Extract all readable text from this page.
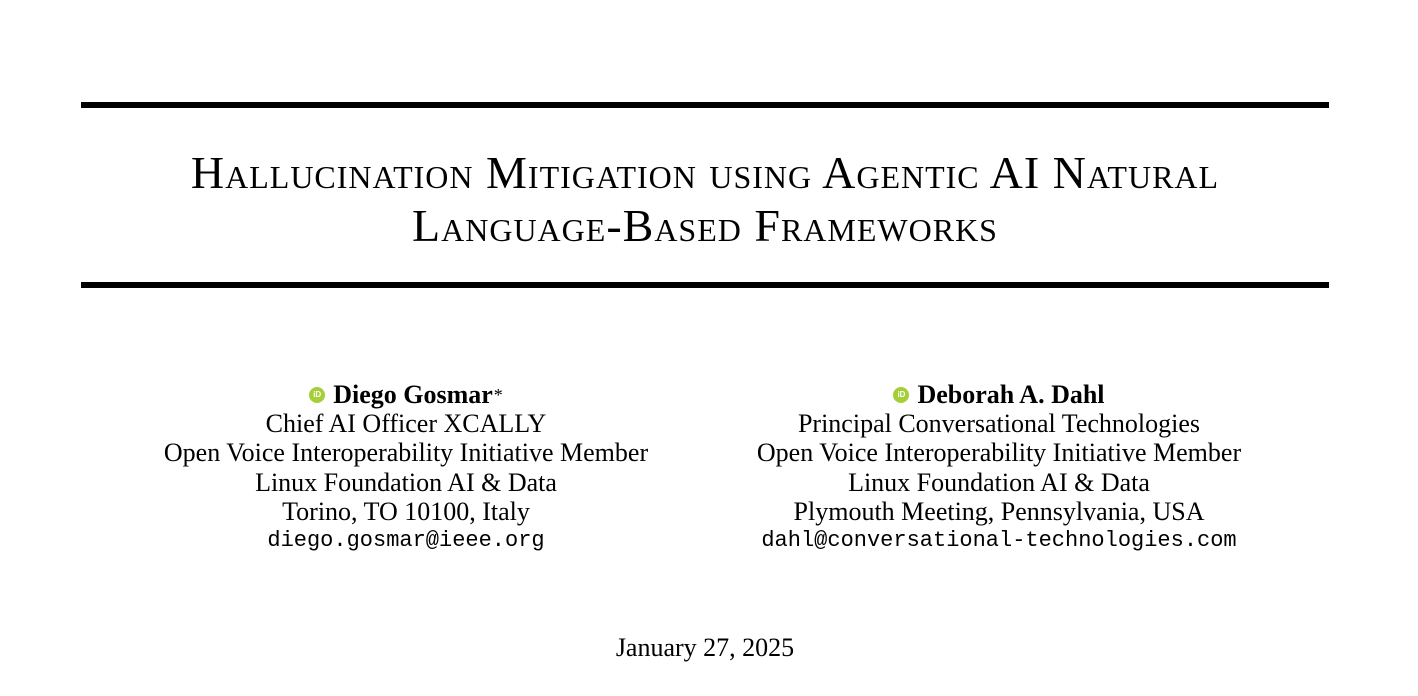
Hallucination Mitigation using Agentic AI Natural
Language-Based Frameworks
iD Diego Gosmar *
Chief AI Officer XCALLY
Open Voice Interoperability Initiative Member
Linux Foundation AI & Data
Torino, TO 10100, Italy
diego.gosmar@ieee.org
iD Deborah A. Dahl
Principal Conversational Technologies
Open Voice Interoperability Initiative Member
Linux Foundation AI & Data
Plymouth Meeting, Pennsylvania, USA
dahl@conversational-technologies.com
January 27, 2025
